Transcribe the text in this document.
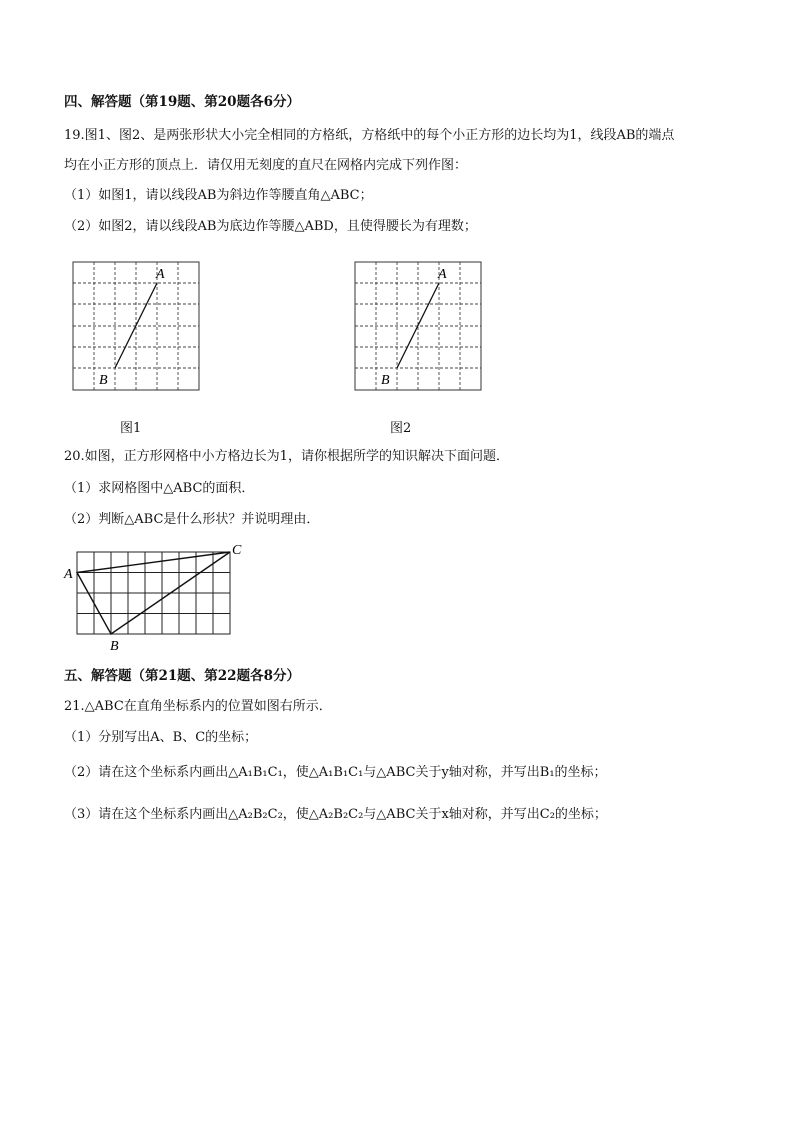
四、解答题（第19题、第20题各6分）
19.图1、图2、是两张形状大小完全相同的方格纸，方格纸中的每个小正方形的边长均为1，线段AB的端点
均在小正方形的顶点上．请仅用无刻度的直尺在网格内完成下列作图：
（1）如图1，请以线段AB为斜边作等腰直角△ABC；
（2）如图2，请以线段AB为底边作等腰△ABD，且使得腰长为有理数；
A
B
图1
A
B
图2
20.如图，正方形网格中小方格边长为1，请你根据所学的知识解决下面问题．
（1）求网格图中△ABC的面积．
（2）判断△ABC是什么形状？并说明理由．
A
B
C
五、解答题（第21题、第22题各8分）
21.△ABC在直角坐标系内的位置如图右所示．
（1）分别写出A、B、C的坐标；
（2）请在这个坐标系内画出△A₁B₁C₁，使△A₁B₁C₁与△ABC关于y轴对称，并写出B₁的坐标；
（3）请在这个坐标系内画出△A₂B₂C₂，使△A₂B₂C₂与△ABC关于x轴对称，并写出C₂的坐标；
